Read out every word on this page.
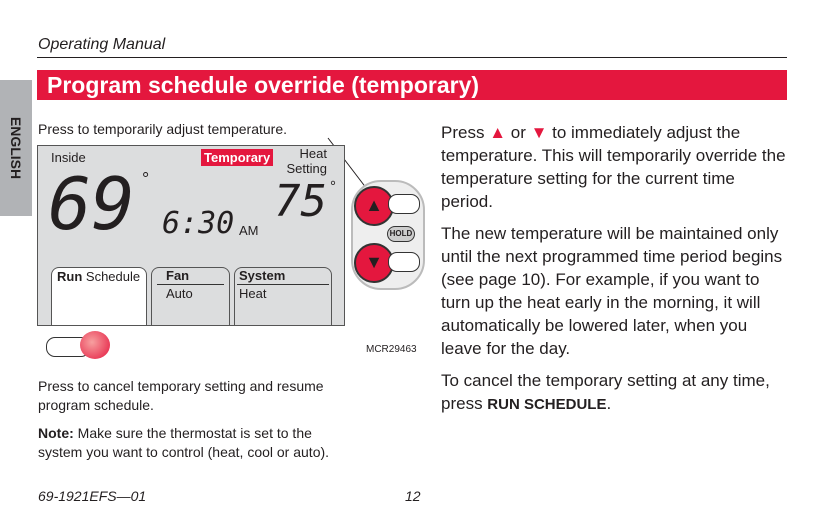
Operating Manual
Program schedule override (temporary)
ENGLISH Press to temporarily adjust temperature.
Inside
69 °
6:30 AM
Temporary Heat
Setting
75 °
Run Schedule Fan
Auto
System
Heat
▲
▼
HOLD
MCR29463
Press to cancel temporary setting and resume program schedule.
Note: Make sure the thermostat is set to the system you want to control (heat, cool or auto).

Press ▲ or ▼ to immediately adjust the temperature. This will temporarily override the temperature setting for the current time period.

The new temperature will be maintained only until the next programmed time period begins (see page 10). For example, if you want to turn up the heat early in the morning, it will automatically be lowered later, when you leave for the day.

To cancel the temporary setting at any time, press RUN SCHEDULE.

69-1921EFS—01	12
